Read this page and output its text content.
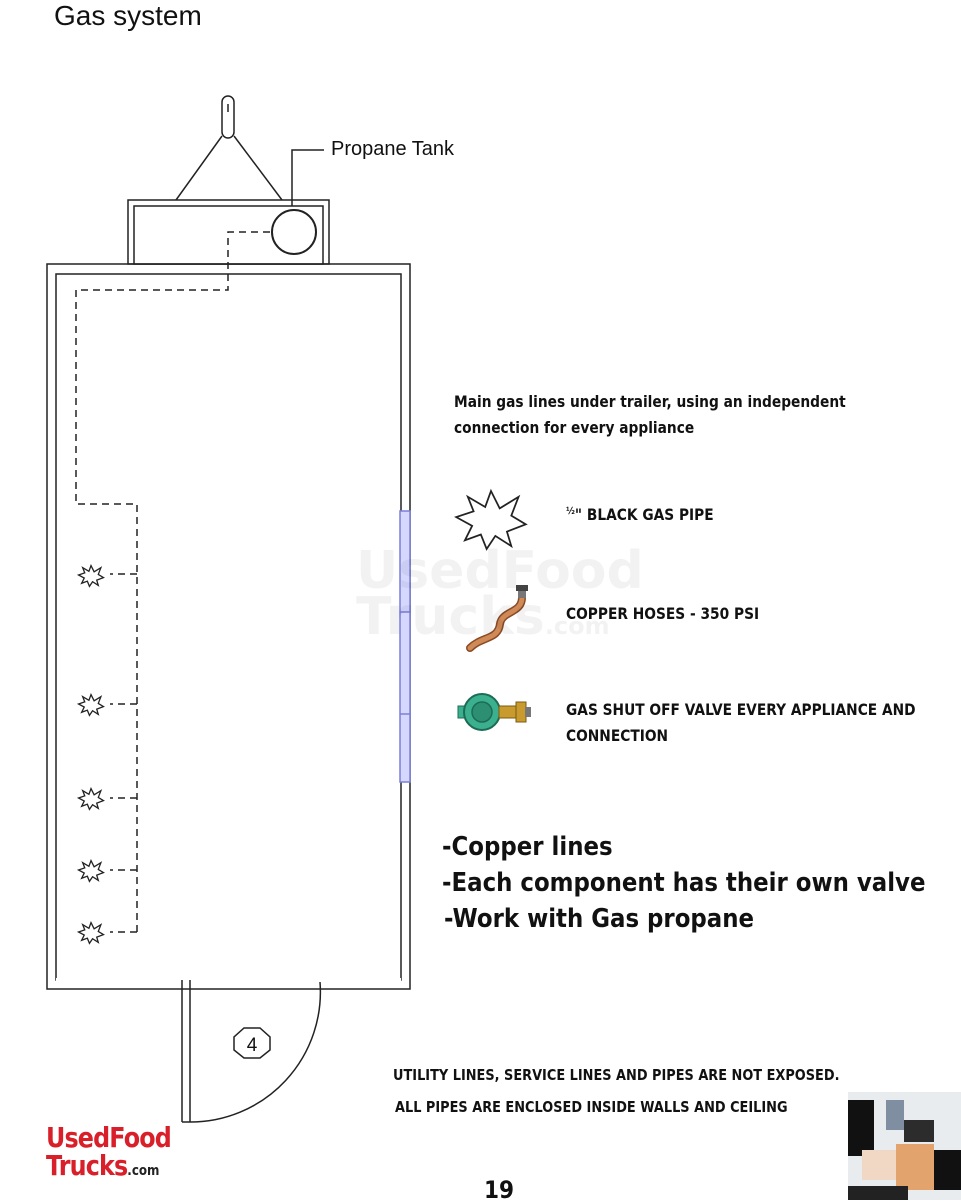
4
Gas system
Propane Tank
UsedFood
Trucks.com
Main gas lines under trailer, using an independent
connection for every appliance
$^{\frac{1}{2}}$" BLACK GAS PIPE
COPPER HOSES - 350 PSI
GAS SHUT OFF VALVE EVERY APPLIANCE AND
CONNECTION
-Copper lines
-Each component has their own valve
-Work with Gas propane
UTILITY LINES, SERVICE LINES AND PIPES ARE NOT EXPOSED.
ALL PIPES ARE ENCLOSED INSIDE WALLS AND CEILING
UsedFood
Trucks.com
19
